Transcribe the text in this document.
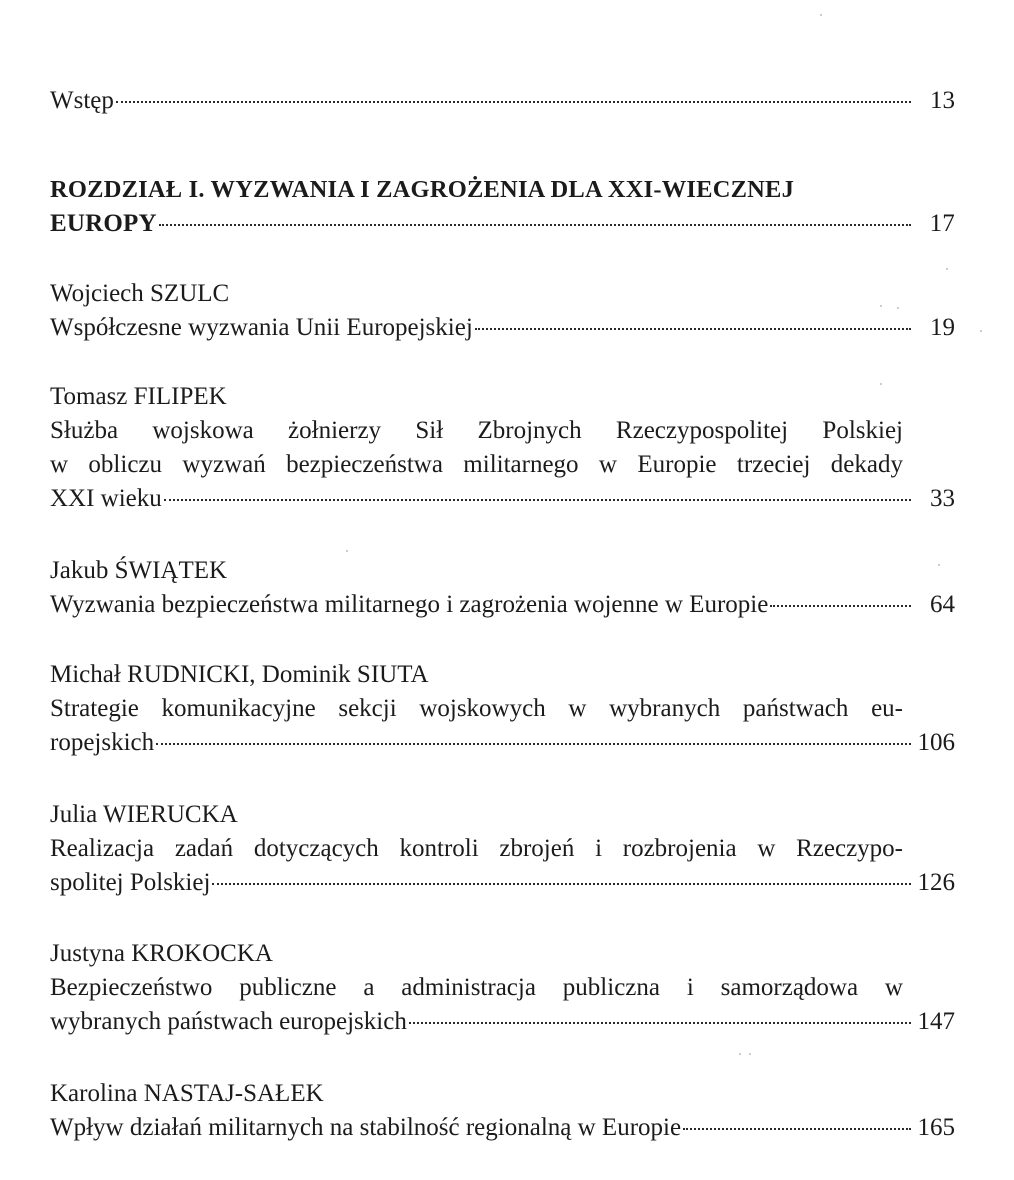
Wstęp	13
ROZDZIAŁ I. WYZWANIA I ZAGROŻENIA DLA XXI-WIECZNEJ
EUROPY	17
Wojciech SZULC
Współczesne wyzwania Unii Europejskiej	19
Tomasz FILIPEK
Służba wojskowa żołnierzy Sił Zbrojnych Rzeczypospolitej Polskiej
w obliczu wyzwań bezpieczeństwa militarnego w Europie trzeciej dekady
XXI wieku	33
Jakub ŚWIĄTEK
Wyzwania bezpieczeństwa militarnego i zagrożenia wojenne w Europie	64
Michał RUDNICKI, Dominik SIUTA
Strategie komunikacyjne sekcji wojskowych w wybranych państwach eu-
ropejskich	106
Julia WIERUCKA
Realizacja zadań dotyczących kontroli zbrojeń i rozbrojenia w Rzeczypo-
spolitej Polskiej	126
Justyna KROKOCKA
Bezpieczeństwo publiczne a administracja publiczna i samorządowa w
wybranych państwach europejskich	147
Karolina NASTAJ-SAŁEK
Wpływ działań militarnych na stabilność regionalną w Europie	165
